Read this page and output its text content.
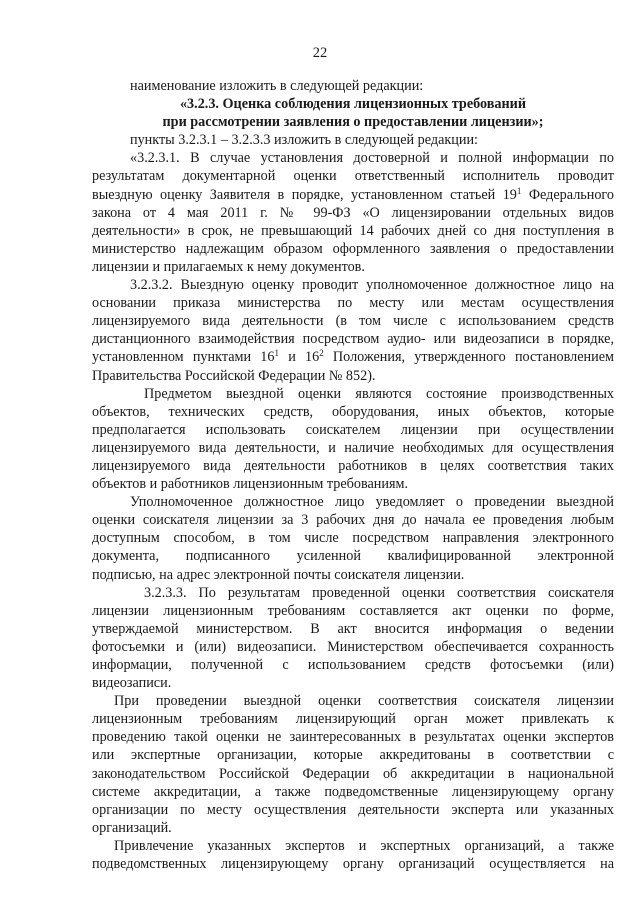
22
наименование изложить в следующей редакции:
«3.2.3. Оценка соблюдения лицензионных требований
при рассмотрении заявления о предоставлении лицензии»;
пункты 3.2.3.1 – 3.2.3.3 изложить в следующей редакции:
«3.2.3.1. В случае установления достоверной и полной информации по
результатам документарной оценки ответственный исполнитель проводит
выездную оценку Заявителя в порядке, установленном статьей $19^1$ Федерального
закона от 4 мая 2011 г. № 99-ФЗ «О лицензировании отдельных видов
деятельности» в срок, не превышающий 14 рабочих дней со дня поступления в
министерство надлежащим образом оформленного заявления о предоставлении
лицензии и прилагаемых к нему документов.
3.2.3.2. Выездную оценку проводит уполномоченное должностное лицо на
основании приказа министерства по месту или местам осуществления
лицензируемого вида деятельности (в том числе с использованием средств
дистанционного взаимодействия посредством аудио- или видеозаписи в порядке,
установленном пунктами $16^1$ и $16^2$ Положения, утвержденного постановлением
Правительства Российской Федерации № 852).
Предметом выездной оценки являются состояние производственных
объектов, технических средств, оборудования, иных объектов, которые
предполагается использовать соискателем лицензии при осуществлении
лицензируемого вида деятельности, и наличие необходимых для осуществления
лицензируемого вида деятельности работников в целях соответствия таких
объектов и работников лицензионным требованиям.
Уполномоченное должностное лицо уведомляет о проведении выездной
оценки соискателя лицензии за 3 рабочих дня до начала ее проведения любым
доступным способом, в том числе посредством направления электронного
документа, подписанного усиленной квалифицированной электронной
подписью, на адрес электронной почты соискателя лицензии.
3.2.3.3. По результатам проведенной оценки соответствия соискателя
лицензии лицензионным требованиям составляется акт оценки по форме,
утверждаемой министерством. В акт вносится информация о ведении
фотосъемки и (или) видеозаписи. Министерством обеспечивается сохранность
информации, полученной с использованием средств фотосъемки (или)
видеозаписи.
При проведении выездной оценки соответствия соискателя лицензии
лицензионным требованиям лицензирующий орган может привлекать к
проведению такой оценки не заинтересованных в результатах оценки экспертов
или экспертные организации, которые аккредитованы в соответствии с
законодательством Российской Федерации об аккредитации в национальной
системе аккредитации, а также подведомственные лицензирующему органу
организации по месту осуществления деятельности эксперта или указанных
организаций.
Привлечение указанных экспертов и экспертных организаций, а также
подведомственных лицензирующему органу организаций осуществляется на
